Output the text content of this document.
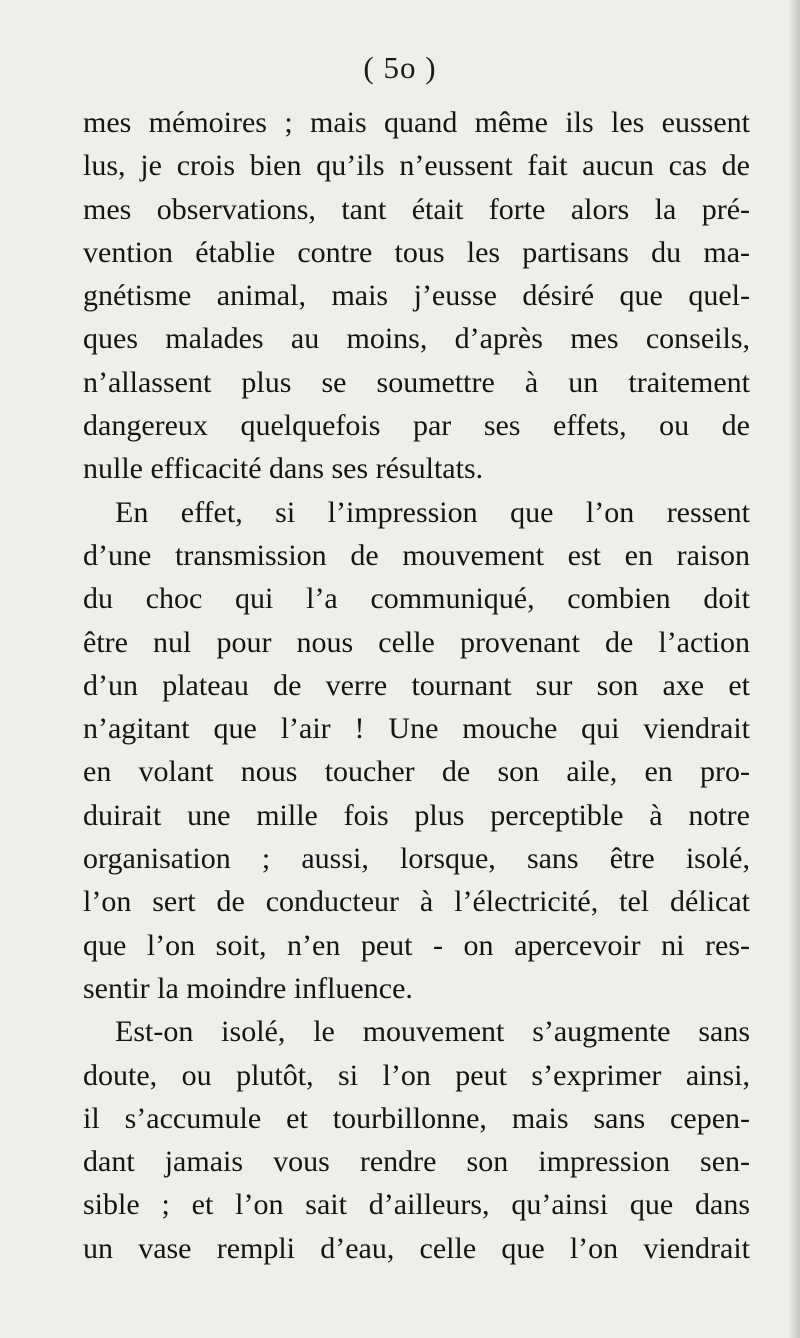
( 5o )
mes mémoires ; mais quand même ils les eussent
lus, je crois bien qu’ils n’eussent fait aucun cas de
mes observations, tant était forte alors la pré-
vention établie contre tous les partisans du ma-
gnétisme animal, mais j’eusse désiré que quel-
ques malades au moins, d’après mes conseils,
n’allassent plus se soumettre à un traitement
dangereux quelquefois par ses effets, ou de
nulle efficacité dans ses résultats.
En effet, si l’impression que l’on ressent
d’une transmission de mouvement est en raison
du choc qui l’a communiqué, combien doit
être nul pour nous celle provenant de l’action
d’un plateau de verre tournant sur son axe et
n’agitant que l’air ! Une mouche qui viendrait
en volant nous toucher de son aile, en pro-
duirait une mille fois plus perceptible à notre
organisation ; aussi, lorsque, sans être isolé,
l’on sert de conducteur à l’électricité, tel délicat
que l’on soit, n’en peut - on apercevoir ni res-
sentir la moindre influence.
Est-on isolé, le mouvement s’augmente sans
doute, ou plutôt, si l’on peut s’exprimer ainsi,
il s’accumule et tourbillonne, mais sans cepen-
dant jamais vous rendre son impression sen-
sible ; et l’on sait d’ailleurs, qu’ainsi que dans
un vase rempli d’eau, celle que l’on viendrait
